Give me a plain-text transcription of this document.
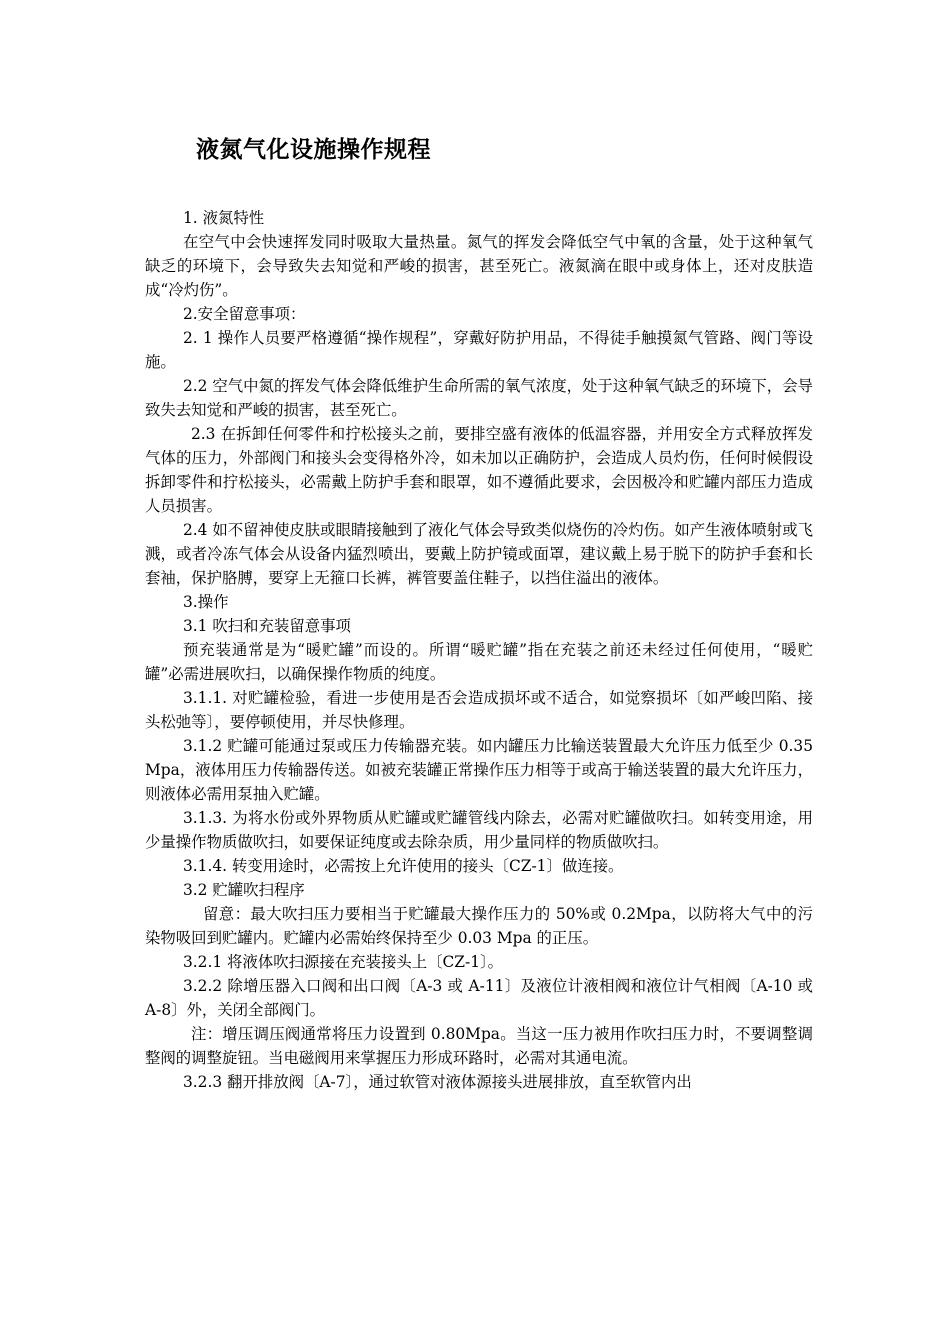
液氮气化设施操作规程

1. 液氮特性

在空气中会快速挥发同时吸取大量热量。氮气的挥发会降低空气中氧的含量，处于这种氧气缺乏的环境下，会导致失去知觉和严峻的损害，甚至死亡。液氮滴在眼中或身体上，还对皮肤造成“冷灼伤”。

2.安全留意事项：

2. 1 操作人员要严格遵循“操作规程”，穿戴好防护用品，不得徒手触摸氮气管路、阀门等设施。

2.2 空气中氮的挥发气体会降低维护生命所需的氧气浓度，处于这种氧气缺乏的环境下，会导致失去知觉和严峻的损害，甚至死亡。

2.3 在拆卸任何零件和拧松接头之前，要排空盛有液体的低温容器，并用安全方式释放挥发气体的压力，外部阀门和接头会变得格外冷，如未加以正确防护，会造成人员灼伤，任何时候假设拆卸零件和拧松接头，必需戴上防护手套和眼罩，如不遵循此要求，会因极冷和贮罐内部压力造成人员损害。

2.4 如不留神使皮肤或眼睛接触到了液化气体会导致类似烧伤的冷灼伤。如产生液体喷射或飞溅，或者冷冻气体会从设备内猛烈喷出，要戴上防护镜或面罩，建议戴上易于脱下的防护手套和长套袖，保护胳膊，要穿上无箍口长裤，裤管要盖住鞋子，以挡住溢出的液体。

3.操作

3.1 吹扫和充装留意事项

预充装通常是为“暖贮罐”而设的。所谓“暖贮罐”指在充装之前还未经过任何使用，“暖贮罐”必需进展吹扫，以确保操作物质的纯度。

3.1.1. 对贮罐检验，看进一步使用是否会造成损坏或不适合，如觉察损坏〔如严峻凹陷、接头松弛等〕，要停顿使用，并尽快修理。

3.1.2 贮罐可能通过泵或压力传输器充装。如内罐压力比输送装置最大允许压力低至少 0.35 Mpa，液体用压力传输器传送。如被充装罐正常操作压力相等于或高于输送装置的最大允许压力，则液体必需用泵抽入贮罐。

3.1.3. 为将水份或外界物质从贮罐或贮罐管线内除去，必需对贮罐做吹扫。如转变用途，用少量操作物质做吹扫，如要保证纯度或去除杂质，用少量同样的物质做吹扫。

3.1.4. 转变用途时，必需按上允许使用的接头〔CZ-1〕做连接。

3.2 贮罐吹扫程序

留意：最大吹扫压力要相当于贮罐最大操作压力的 50%或 0.2Mpa，以防将大气中的污染物吸回到贮罐内。贮罐内必需始终保持至少 0.03 Mpa 的正压。

3.2.1 将液体吹扫源接在充装接头上〔CZ-1〕。

3.2.2 除增压器入口阀和出口阀〔A-3 或 A-11〕及液位计液相阀和液位计气相阀〔A-10 或 A-8〕外，关闭全部阀门。

注：增压调压阀通常将压力设置到 0.80Mpa。当这一压力被用作吹扫压力时，不要调整调整阀的调整旋钮。当电磁阀用来掌握压力形成环路时，必需对其通电流。

3.2.3 翻开排放阀〔A-7〕，通过软管对液体源接头进展排放，直至软管内出
